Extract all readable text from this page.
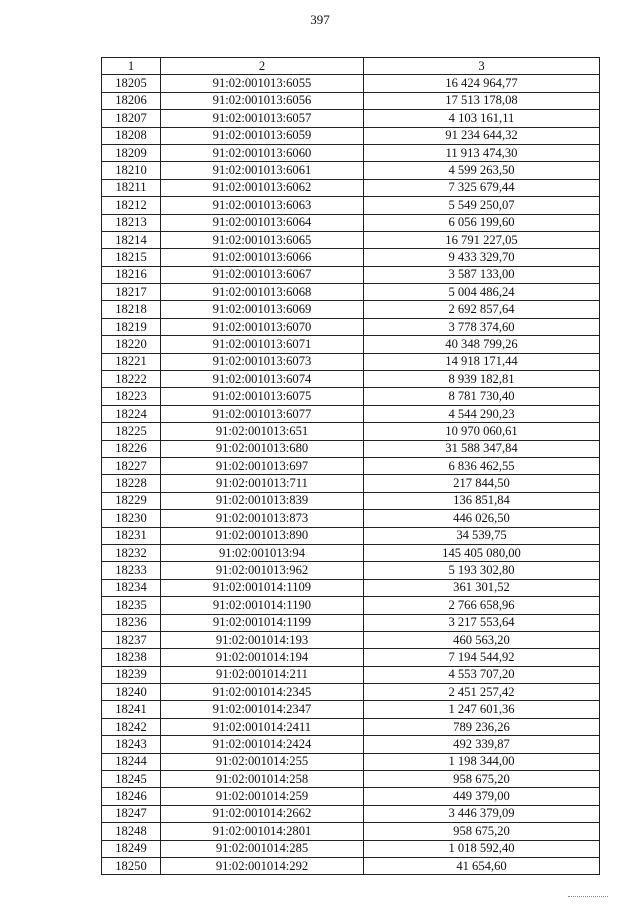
397
1	2	3
18205	91:02:001013:6055	16 424 964,77
18206	91:02:001013:6056	17 513 178,08
18207	91:02:001013:6057	4 103 161,11
18208	91:02:001013:6059	91 234 644,32
18209	91:02:001013:6060	11 913 474,30
18210	91:02:001013:6061	4 599 263,50
18211	91:02:001013:6062	7 325 679,44
18212	91:02:001013:6063	5 549 250,07
18213	91:02:001013:6064	6 056 199,60
18214	91:02:001013:6065	16 791 227,05
18215	91:02:001013:6066	9 433 329,70
18216	91:02:001013:6067	3 587 133,00
18217	91:02:001013:6068	5 004 486,24
18218	91:02:001013:6069	2 692 857,64
18219	91:02:001013:6070	3 778 374,60
18220	91:02:001013:6071	40 348 799,26
18221	91:02:001013:6073	14 918 171,44
18222	91:02:001013:6074	8 939 182,81
18223	91:02:001013:6075	8 781 730,40
18224	91:02:001013:6077	4 544 290,23
18225	91:02:001013:651	10 970 060,61
18226	91:02:001013:680	31 588 347,84
18227	91:02:001013:697	6 836 462,55
18228	91:02:001013:711	217 844,50
18229	91:02:001013:839	136 851,84
18230	91:02:001013:873	446 026,50
18231	91:02:001013:890	34 539,75
18232	91:02:001013:94	145 405 080,00
18233	91:02:001013:962	5 193 302,80
18234	91:02:001014:1109	361 301,52
18235	91:02:001014:1190	2 766 658,96
18236	91:02:001014:1199	3 217 553,64
18237	91:02:001014:193	460 563,20
18238	91:02:001014:194	7 194 544,92
18239	91:02:001014:211	4 553 707,20
18240	91:02:001014:2345	2 451 257,42
18241	91:02:001014:2347	1 247 601,36
18242	91:02:001014:2411	789 236,26
18243	91:02:001014:2424	492 339,87
18244	91:02:001014:255	1 198 344,00
18245	91:02:001014:258	958 675,20
18246	91:02:001014:259	449 379,00
18247	91:02:001014:2662	3 446 379,09
18248	91:02:001014:2801	958 675,20
18249	91:02:001014:285	1 018 592,40
18250	91:02:001014:292	41 654,60
